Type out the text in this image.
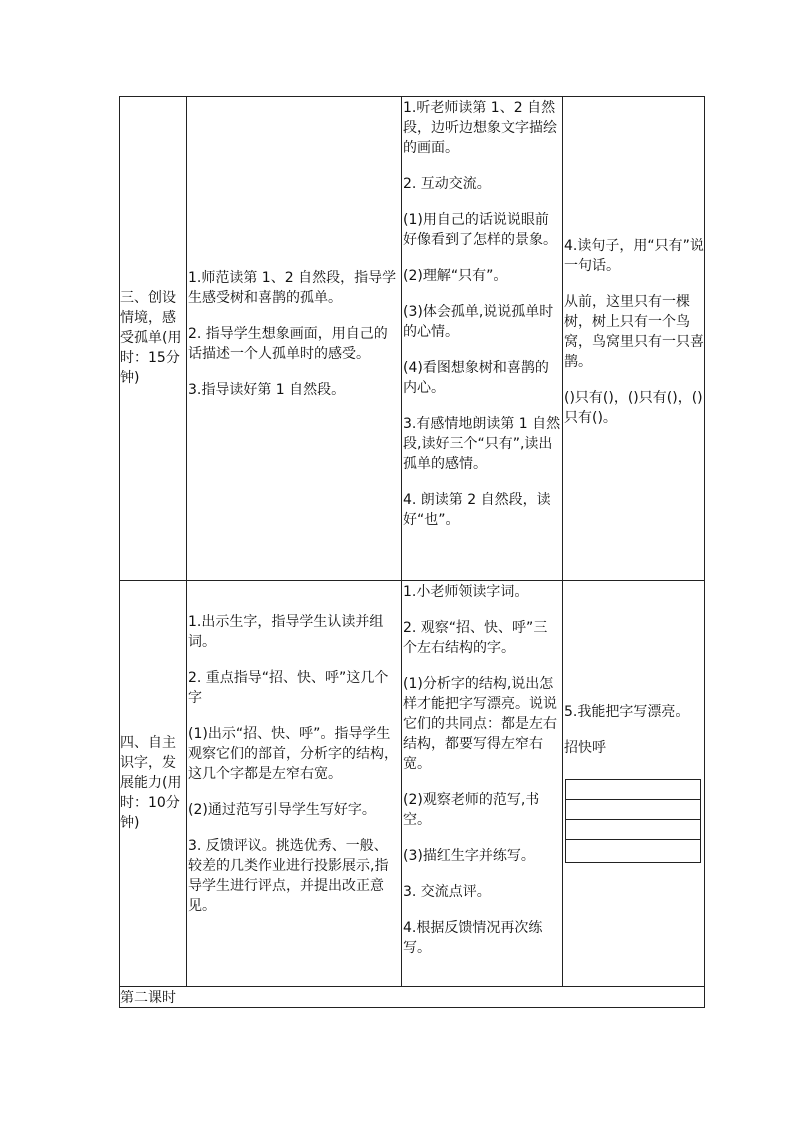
三、创设情境，感受孤单(用时：15分钟)

1.师范读第 1、2 自然段，指导学生感受树和喜鹊的孤单。

2. 指导学生想象画面，用自己的话描述一个人孤单时的感受。

3.指导读好第 1 自然段。

1.听老师读第 1、2 自然段，边听边想象文字描绘的画面。

2. 互动交流。

(1)用自己的话说说眼前好像看到了怎样的景象。

(2)理解“只有”。

(3)体会孤单,说说孤单时的心情。

(4)看图想象树和喜鹊的内心。

3.有感情地朗读第 1 自然段,读好三个“只有”,读出孤单的感情。

4. 朗读第 2 自然段，读好“也”。

4.读句子，用“只有”说一句话。

从前，这里只有一棵树，树上只有一个鸟窝，鸟窝里只有一只喜鹊。

()只有()，()只有()，()只有()。

四、自主识字，发展能力(用时：10分钟)

1.出示生字，指导学生认读并组词。

2. 重点指导“招、快、呼”这几个字

(1)出示“招、快、呼”。指导学生观察它们的部首，分析字的结构，这几个字都是左窄右宽。

(2)通过范写引导学生写好字。

3. 反馈评议。挑选优秀、一般、较差的几类作业进行投影展示,指导学生进行评点，并提出改正意见。

1.小老师领读字词。

2. 观察“招、快、呼”三个左右结构的字。

(1)分析字的结构,说出怎样才能把字写漂亮。说说它们的共同点：都是左右结构，都要写得左窄右宽。

(2)观察老师的范写,书空。

(3)描红生字并练写。

3. 交流点评。

4.根据反馈情况再次练写。

5.我能把字写漂亮。

招快呼

第二课时
